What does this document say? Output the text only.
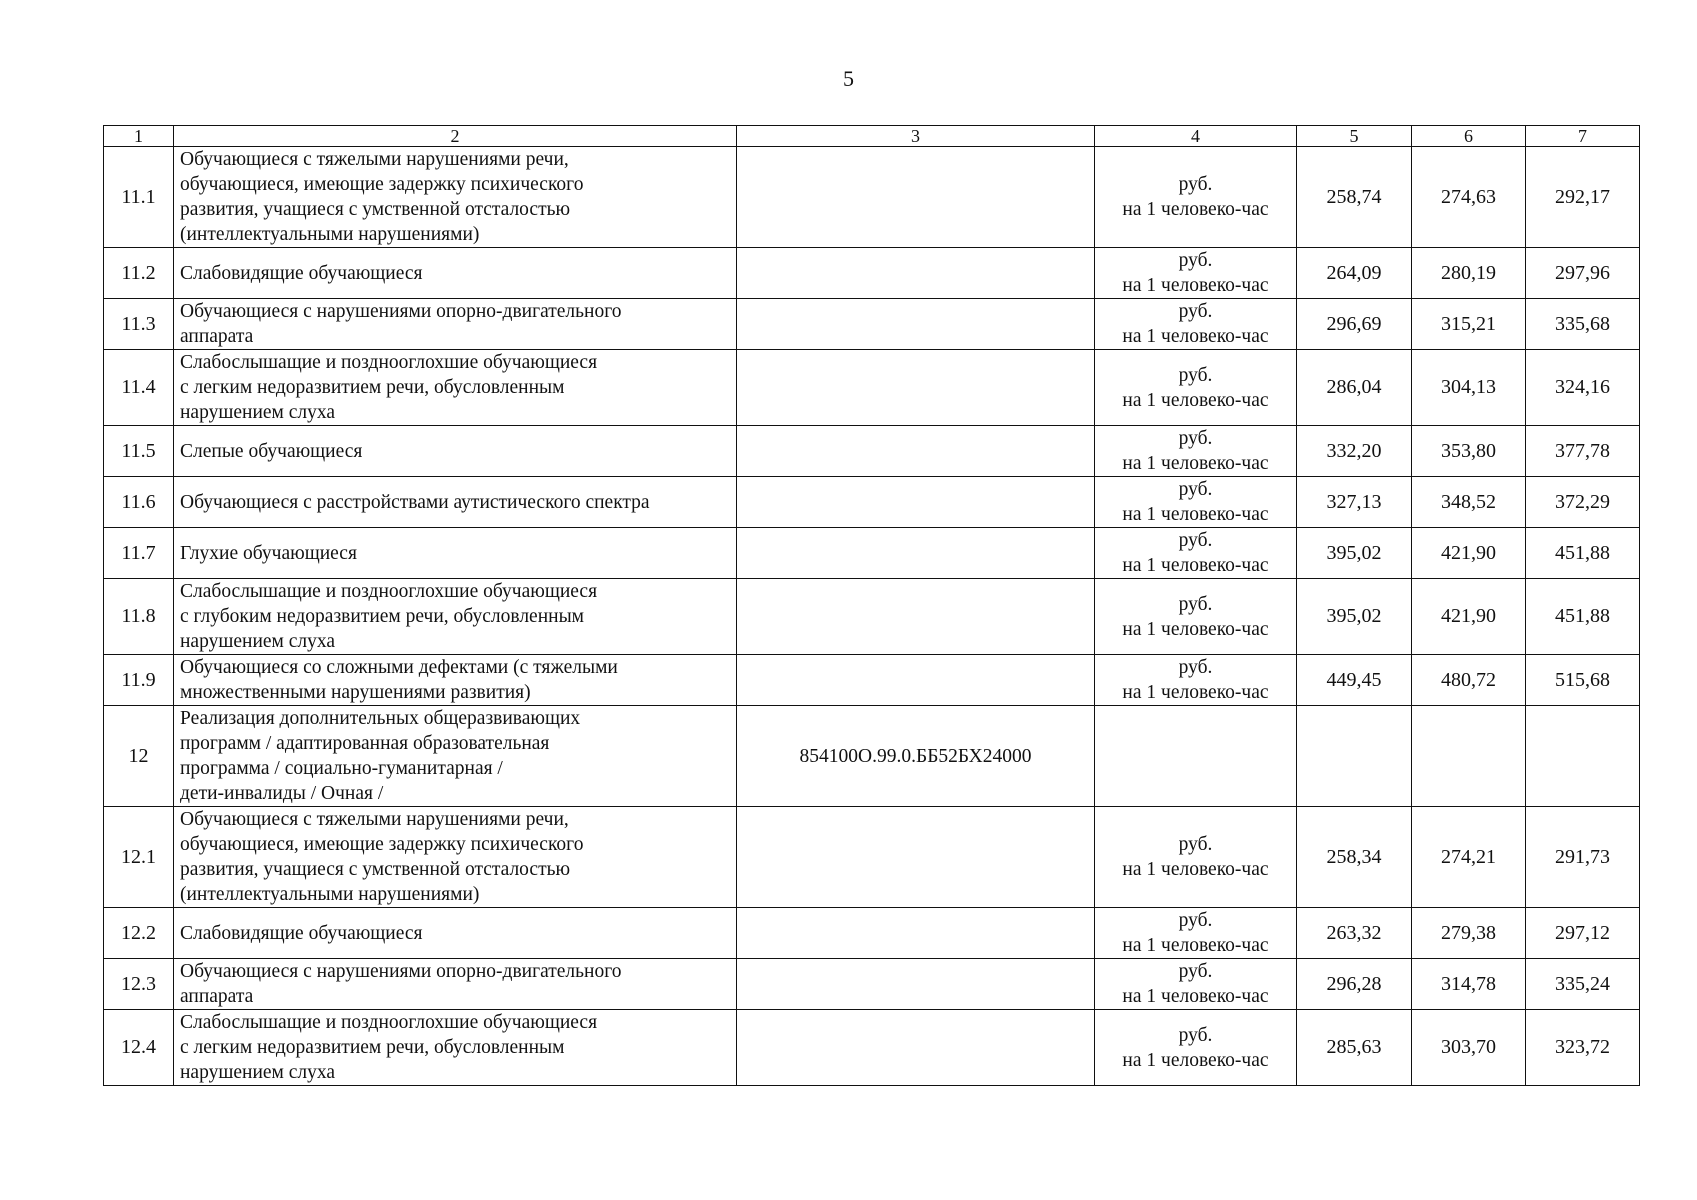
5
1	2	3	4	5	6	7
11.1	Обучающиеся с тяжелыми нарушениями речи,
обучающиеся, имеющие задержку психического
развития, учащиеся с умственной отсталостью
(интеллектуальными нарушениями)		руб.
на 1 человеко-час	258,74	274,63	292,17
11.2	Слабовидящие обучающиеся		руб.
на 1 человеко-час	264,09	280,19	297,96
11.3	Обучающиеся с нарушениями опорно-двигательного
аппарата		руб.
на 1 человеко-час	296,69	315,21	335,68
11.4	Слабослышащие и позднооглохшие обучающиеся
с легким недоразвитием речи, обусловленным
нарушением слуха		руб.
на 1 человеко-час	286,04	304,13	324,16
11.5	Слепые обучающиеся		руб.
на 1 человеко-час	332,20	353,80	377,78
11.6	Обучающиеся с расстройствами аутистического спектра		руб.
на 1 человеко-час	327,13	348,52	372,29
11.7	Глухие обучающиеся		руб.
на 1 человеко-час	395,02	421,90	451,88
11.8	Слабослышащие и позднооглохшие обучающиеся
с глубоким недоразвитием речи, обусловленным
нарушением слуха		руб.
на 1 человеко-час	395,02	421,90	451,88
11.9	Обучающиеся со сложными дефектами (с тяжелыми
множественными нарушениями развития)		руб.
на 1 человеко-час	449,45	480,72	515,68
12	Реализация дополнительных общеразвивающих
программ / адаптированная образовательная
программа / социально-гуманитарная /
дети-инвалиды / Очная /	854100О.99.0.ББ52БХ24000				
12.1	Обучающиеся с тяжелыми нарушениями речи,
обучающиеся, имеющие задержку психического
развития, учащиеся с умственной отсталостью
(интеллектуальными нарушениями)		руб.
на 1 человеко-час	258,34	274,21	291,73
12.2	Слабовидящие обучающиеся		руб.
на 1 человеко-час	263,32	279,38	297,12
12.3	Обучающиеся с нарушениями опорно-двигательного
аппарата		руб.
на 1 человеко-час	296,28	314,78	335,24
12.4	Слабослышащие и позднооглохшие обучающиеся
с легким недоразвитием речи, обусловленным
нарушением слуха		руб.
на 1 человеко-час	285,63	303,70	323,72
